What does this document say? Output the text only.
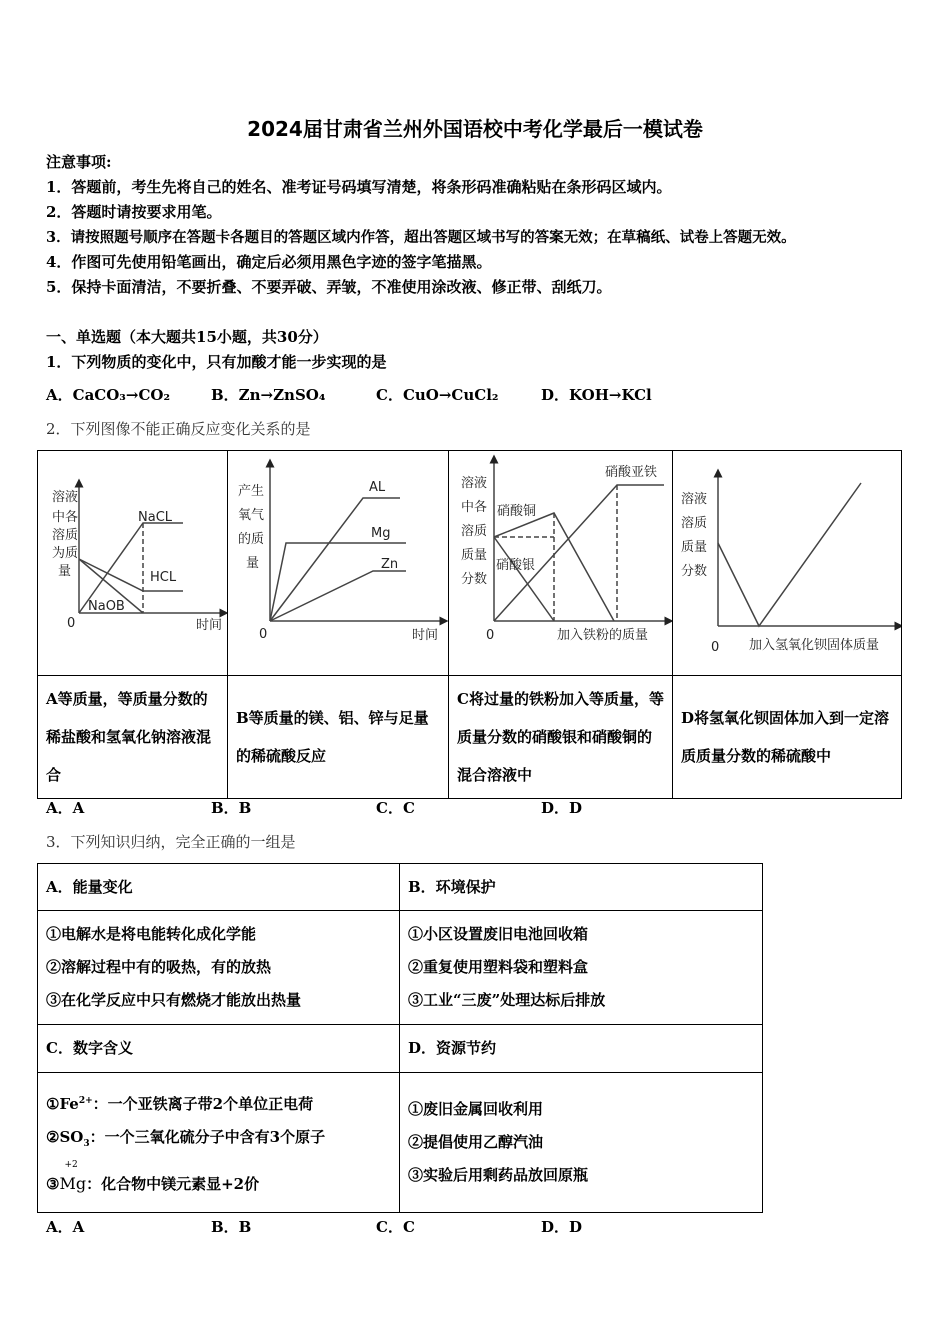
2024届甘肃省兰州外国语校中考化学最后一模试卷
注意事项:
1．答题前，考生先将自己的姓名、准考证号码填写清楚，将条形码准确粘贴在条形码区域内。
2．答题时请按要求用笔。
3．请按照题号顺序在答题卡各题目的答题区域内作答，超出答题区域书写的答案无效；在草稿纸、试卷上答题无效。
4．作图可先使用铅笔画出，确定后必须用黑色字迹的签字笔描黑。
5．保持卡面清洁，不要折叠、不要弄破、弄皱，不准使用涂改液、修正带、刮纸刀。
一、单选题（本大题共15小题，共30分）
1．下列物质的变化中，只有加酸才能一步实现的是
A．CaCO₃→CO₂	B．Zn→ZnSO₄	C．CuO→CuCl₂	D．KOH→KCl
2．下列图像不能正确反应变化关系的是
溶液
中各
溶质
为质
量
NaCL
HCL
NaOB
0	时间

产生
氧气
的质
量
AL
Mg
Zn
0	时间

溶液
中各
溶质
质量
分数
硝酸铜
硝酸银
硝酸亚铁
0	加入铁粉的质量

溶液
溶质
质量
分数
0 加入氢氧化钡固体质量

A等质量，等质量分数的稀盐酸和氢氧化钠溶液混合	B等质量的镁、铝、锌与足量的稀硫酸反应	C将过量的铁粉加入等质量，等质量分数的硝酸银和硝酸铜的混合溶液中	D将氢氧化钡固体加入到一定溶质质量分数的稀硫酸中
A．A	B．B	C．C	D．D
3．下列知识归纳，完全正确的一组是
A．能量变化	B．环境保护

①电解水是将电能转化成化学能
②溶解过程中有的吸热，有的放热
③在化学反应中只有燃烧才能放出热量

①小区设置废旧电池回收箱
②重复使用塑料袋和塑料盒
③工业“三废”处理达标后排放

C．数字含义	D．资源节约

$①Fe^{2+}$：一个亚铁离子带2个单位正电荷
$②SO_3$：一个三氧化硫分子中含有3个原子
③
+2
Mg：化合物中镁元素显+2价

①废旧金属回收利用
②提倡使用乙醇汽油
③实验后用剩药品放回原瓶
A．A	B．B	C．C	D．D
